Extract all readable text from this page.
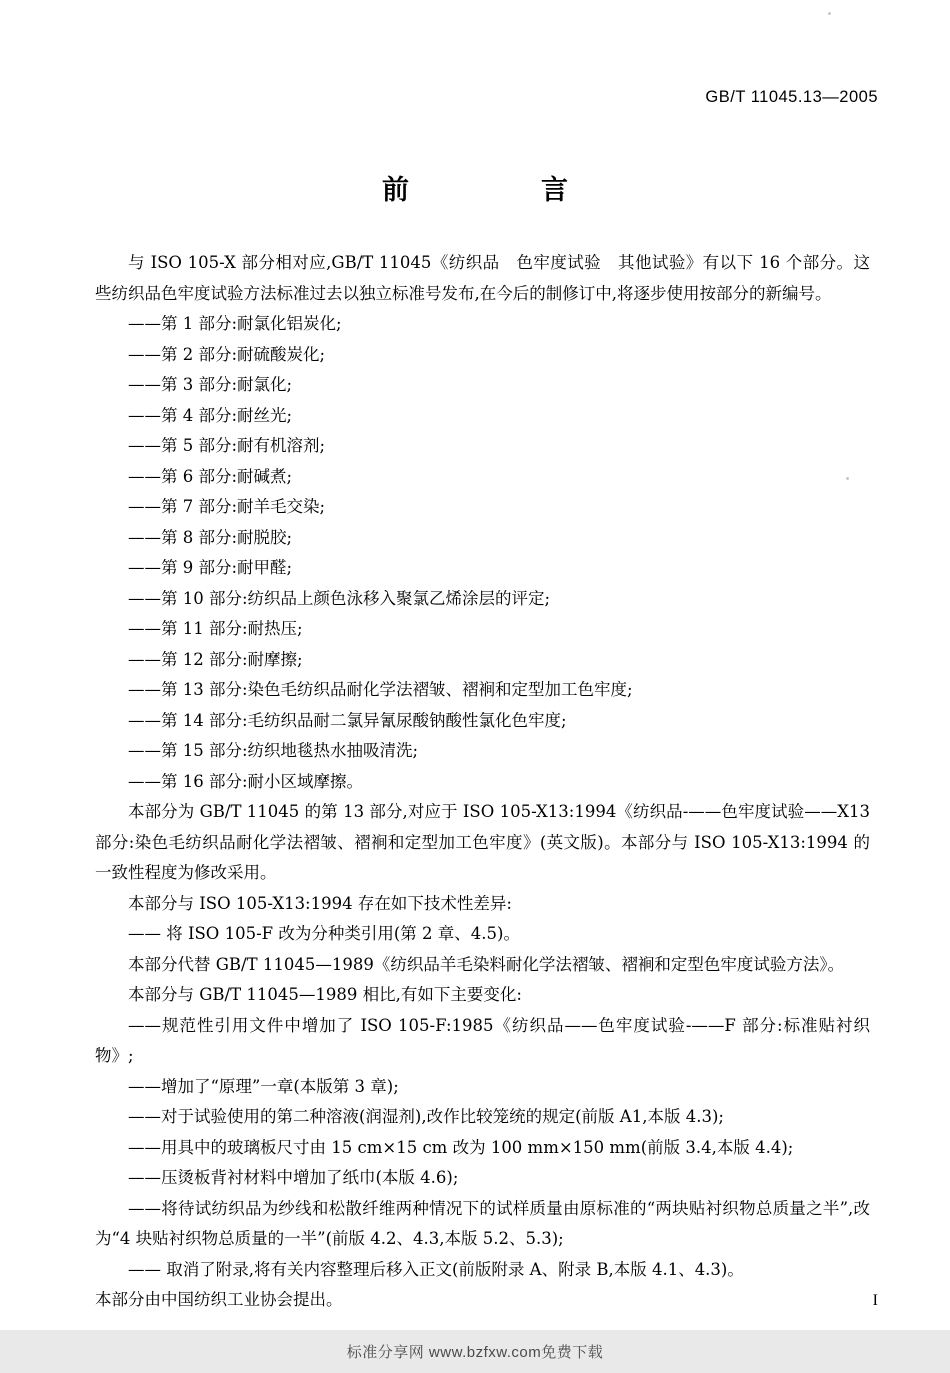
GB/T 11045.13—2005
前　　言

与 ISO 105-X 部分相对应,GB/T 11045《纺织品　色牢度试验　其他试验》有以下 16 个部分。这些纺织品色牢度试验方法标准过去以独立标准号发布,在今后的制修订中,将逐步使用按部分的新编号。

——第 1 部分:耐氯化铝炭化;

——第 2 部分:耐硫酸炭化;

——第 3 部分:耐氯化;

——第 4 部分:耐丝光;

——第 5 部分:耐有机溶剂;

——第 6 部分:耐碱煮;

——第 7 部分:耐羊毛交染;

——第 8 部分:耐脱胶;

——第 9 部分:耐甲醛;

——第 10 部分:纺织品上颜色泳移入聚氯乙烯涂层的评定;

——第 11 部分:耐热压;

——第 12 部分:耐摩擦;

——第 13 部分:染色毛纺织品耐化学法褶皱、褶裥和定型加工色牢度;

——第 14 部分:毛纺织品耐二氯异氰尿酸钠酸性氯化色牢度;

——第 15 部分:纺织地毯热水抽吸清洗;

——第 16 部分:耐小区域摩擦。

本部分为 GB/T 11045 的第 13 部分,对应于 ISO 105-X13:1994《纺织品-——色牢度试验——X13 部分:染色毛纺织品耐化学法褶皱、褶裥和定型加工色牢度》(英文版)。本部分与 ISO 105-X13:1994 的一致性程度为修改采用。

本部分与 ISO 105-X13:1994 存在如下技术性差异:

—— 将 ISO 105-F 改为分种类引用(第 2 章、4.5)。

本部分代替 GB/T 11045—1989《纺织品羊毛染料耐化学法褶皱、褶裥和定型色牢度试验方法》。

本部分与 GB/T 11045—1989 相比,有如下主要变化:

——规范性引用文件中增加了 ISO 105-F:1985《纺织品——色牢度试验-——F 部分:标准贴衬织物》;

——增加了“原理”一章(本版第 3 章);

——对于试验使用的第二种溶液(润湿剂),改作比较笼统的规定(前版 A1,本版 4.3);

——用具中的玻璃板尺寸由 15 cm×15 cm 改为 100 mm×150 mm(前版 3.4,本版 4.4);

——压烫板背衬材料中增加了纸巾(本版 4.6);

——将待试纺织品为纱线和松散纤维两种情况下的试样质量由原标准的“两块贴衬织物总质量之半”,改为“4 块贴衬织物总质量的一半”(前版 4.2、4.3,本版 5.2、5.3);

—— 取消了附录,将有关内容整理后移入正文(前版附录 A、附录 B,本版 4.1、4.3)。

本部分由中国纺织工业协会提出。	I
标准分享网 www.bzfxw.com免费下载
